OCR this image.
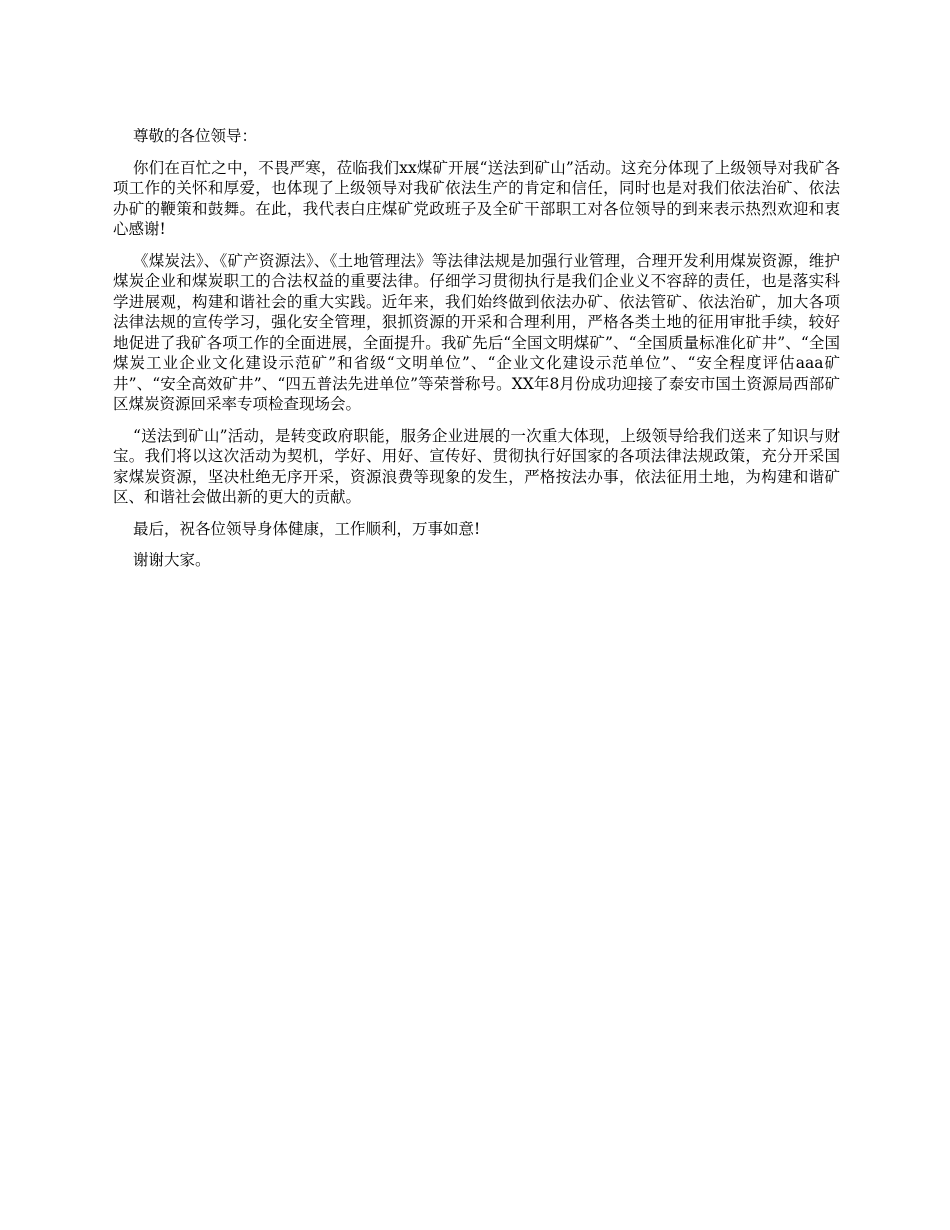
尊敬的各位领导：

你们在百忙之中，不畏严寒，莅临我们xx煤矿开展“送法到矿山”活动。这充分体现了上级领导对我矿各项工作的关怀和厚爱，也体现了上级领导对我矿依法生产的肯定和信任，同时也是对我们依法治矿、依法办矿的鞭策和鼓舞。在此，我代表白庄煤矿党政班子及全矿干部职工对各位领导的到来表示热烈欢迎和衷心感谢!

《煤炭法》、《矿产资源法》、《土地管理法》等法律法规是加强行业管理，合理开发利用煤炭资源，维护煤炭企业和煤炭职工的合法权益的重要法律。仔细学习贯彻执行是我们企业义不容辞的责任，也是落实科学进展观，构建和谐社会的重大实践。近年来，我们始终做到依法办矿、依法管矿、依法治矿，加大各项法律法规的宣传学习，强化安全管理，狠抓资源的开采和合理利用，严格各类土地的征用审批手续，较好地促进了我矿各项工作的全面进展，全面提升。我矿先后“全国文明煤矿”、“全国质量标准化矿井”、“全国煤炭工业企业文化建设示范矿”和省级“文明单位”、“企业文化建设示范单位”、“安全程度评估aaa矿井”、“安全高效矿井”、“四五普法先进单位”等荣誉称号。XX年8月份成功迎接了泰安市国土资源局西部矿区煤炭资源回采率专项检查现场会。

“送法到矿山”活动，是转变政府职能，服务企业进展的一次重大体现，上级领导给我们送来了知识与财宝。我们将以这次活动为契机，学好、用好、宣传好、贯彻执行好国家的各项法律法规政策，充分开采国家煤炭资源，坚决杜绝无序开采，资源浪费等现象的发生，严格按法办事，依法征用土地，为构建和谐矿区、和谐社会做出新的更大的贡献。

最后，祝各位领导身体健康，工作顺利，万事如意!

谢谢大家。
